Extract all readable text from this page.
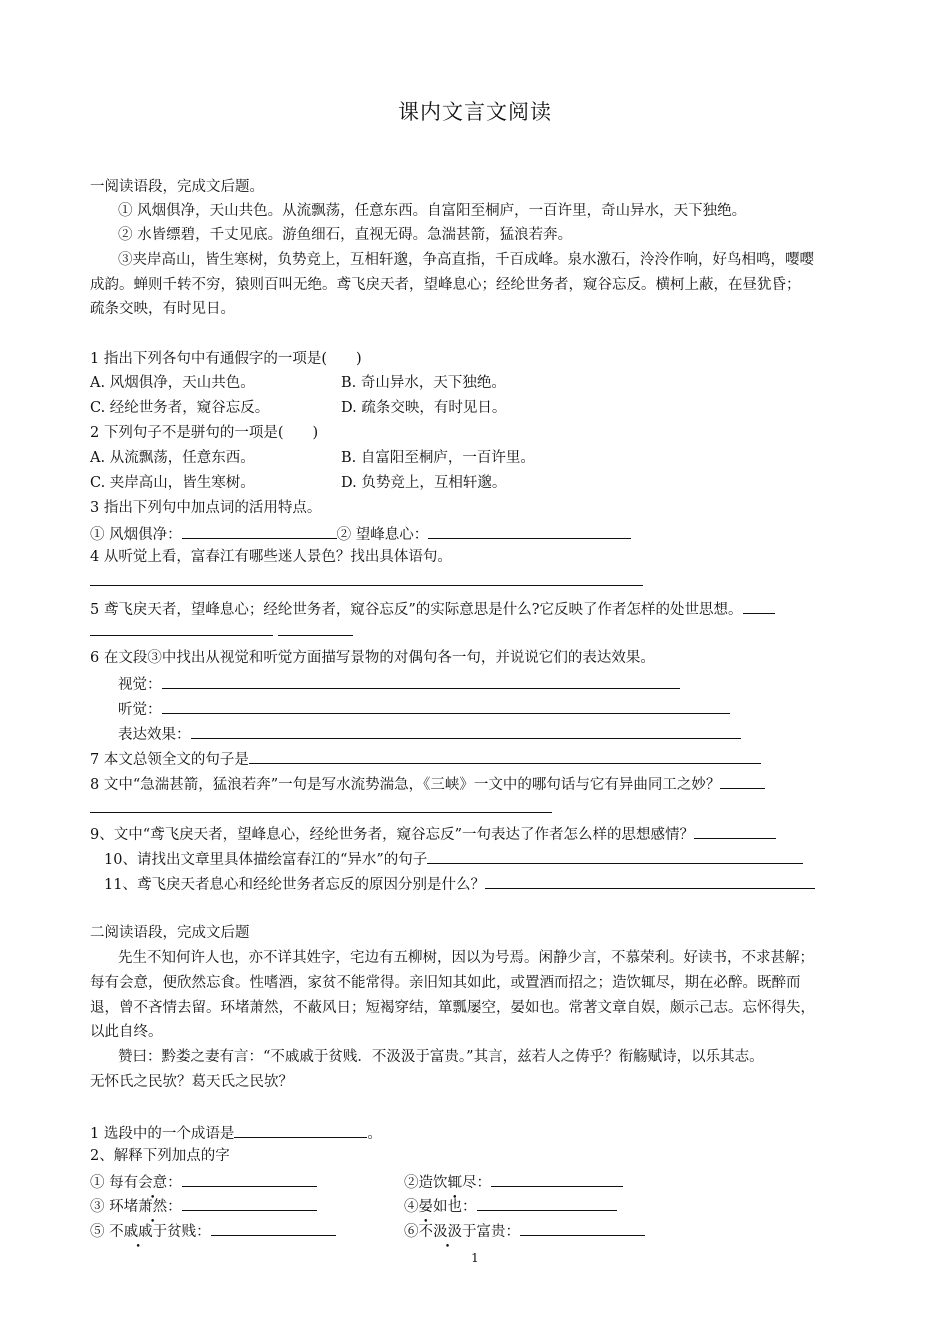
课内文言文阅读
一阅读语段，完成文后题。
① 风烟俱净，天山共色。从流飘荡，任意东西。自富阳至桐庐，一百许里，奇山异水，天下独绝。
② 水皆缥碧，千丈见底。游鱼细石，直视无碍。急湍甚箭，猛浪若奔。
③夹岸高山，皆生寒树，负势竞上，互相轩邈，争高直指，千百成峰。泉水激石，泠泠作响，好鸟相鸣，嘤嘤
成韵。蝉则千转不穷，猿则百叫无绝。鸢飞戾天者，望峰息心；经纶世务者，窥谷忘反。横柯上蔽，在昼犹昏；
疏条交映，有时见日。
1 指出下列各句中有通假字的一项是(　　)
A. 风烟俱净，天山共色。	B. 奇山异水，天下独绝。
C. 经纶世务者，窥谷忘反。	D. 疏条交映，有时见日。
2 下列句子不是骈句的一项是(　　)
A. 从流飘荡，任意东西。	B. 自富阳至桐庐，一百许里。
C. 夹岸高山，皆生寒树。	D. 负势竞上，互相轩邈。
3 指出下列句中加点词的活用特点。
① 风烟俱净：	② 望峰息心：
4 从听觉上看，富春江有哪些迷人景色？找出具体语句。
5 鸢飞戾天者，望峰息心；经纶世务者，窥谷忘反”的实际意思是什么?它反映了作者怎样的处世思想。

6 在文段③中找出从视觉和听觉方面描写景物的对偶句各一句，并说说它们的表达效果。
视觉：
听觉：
表达效果：
7 本文总领全文的句子是
8 文中“急湍甚箭，猛浪若奔”一句是写水流势湍急，《三峡》一文中的哪句话与它有异曲同工之妙？
9、文中“鸢飞戾天者，望峰息心，经纶世务者，窥谷忘反”一句表达了作者怎么样的思想感情？
10、请找出文章里具体描绘富春江的“异水”的句子
11、鸢飞戾天者息心和经纶世务者忘反的原因分别是什么？
二阅读语段，完成文后题
先生不知何许人也，亦不详其姓字，宅边有五柳树，因以为号焉。闲静少言，不慕荣利。好读书，不求甚解；
每有会意，便欣然忘食。性嗜酒，家贫不能常得。亲旧知其如此，或置酒而招之；造饮辄尽，期在必醉。既醉而
退，曾不吝情去留。环堵萧然，不蔽风日；短褐穿结，箪瓢屡空，晏如也。常著文章自娱，颇示己志。忘怀得失，
以此自终。
赞曰：黔娄之妻有言：“不戚戚于贫贱．不汲汲于富贵。”其言，兹若人之俦乎？衔觞赋诗，以乐其志。
无怀氏之民欤？葛天氏之民欤？
1 选段中的一个成语是	。
2、解释下列加点的字
① 每有会意：	②造饮辄尽：
③ 环堵萧然：	④晏如也：
⑤ 不戚戚于贫贱：	⑥不汲汲于富贵：
1
